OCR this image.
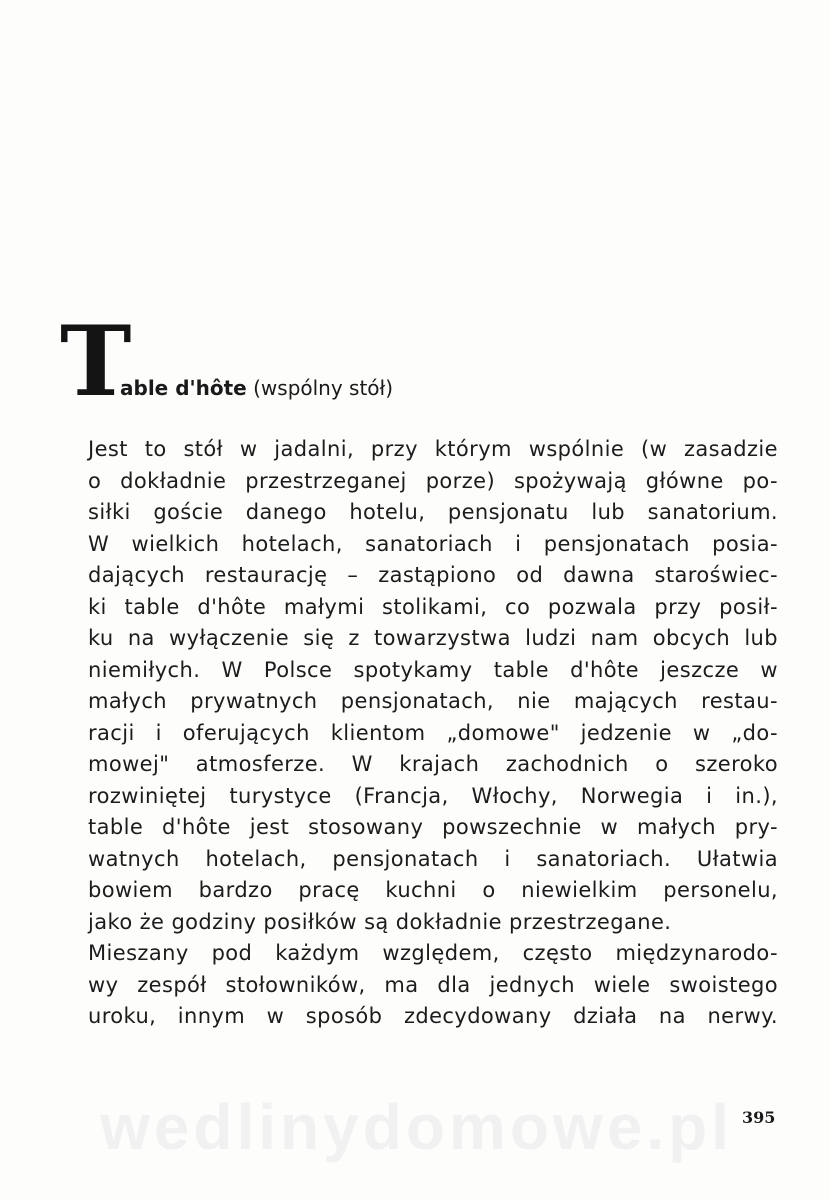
T
able d'hôte (wspólny stół)
Jest to stół w jadalni, przy którym wspólnie (w zasadzie
o dokładnie przestrzeganej porze) spożywają główne po-
siłki goście danego hotelu, pensjonatu lub sanatorium.
W wielkich hotelach, sanatoriach i pensjonatach posia-
dających restaurację – zastąpiono od dawna staroświec-
ki table d'hôte małymi stolikami, co pozwala przy posił-
ku na wyłączenie się z towarzystwa ludzi nam obcych lub
niemiłych. W Polsce spotykamy table d'hôte jeszcze w
małych prywatnych pensjonatach, nie mających restau-
racji i oferujących klientom „domowe" jedzenie w „do-
mowej" atmosferze. W krajach zachodnich o szeroko
rozwiniętej turystyce (Francja, Włochy, Norwegia i in.),
table d'hôte jest stosowany powszechnie w małych pry-
watnych hotelach, pensjonatach i sanatoriach. Ułatwia
bowiem bardzo pracę kuchni o niewielkim personelu,
jako że godziny posiłków są dokładnie przestrzegane.
Mieszany pod każdym względem, często międzynarodo-
wy zespół stołowników, ma dla jednych wiele swoistego
uroku, innym w sposób zdecydowany działa na nerwy.
wedlinydomowe.pl 395
